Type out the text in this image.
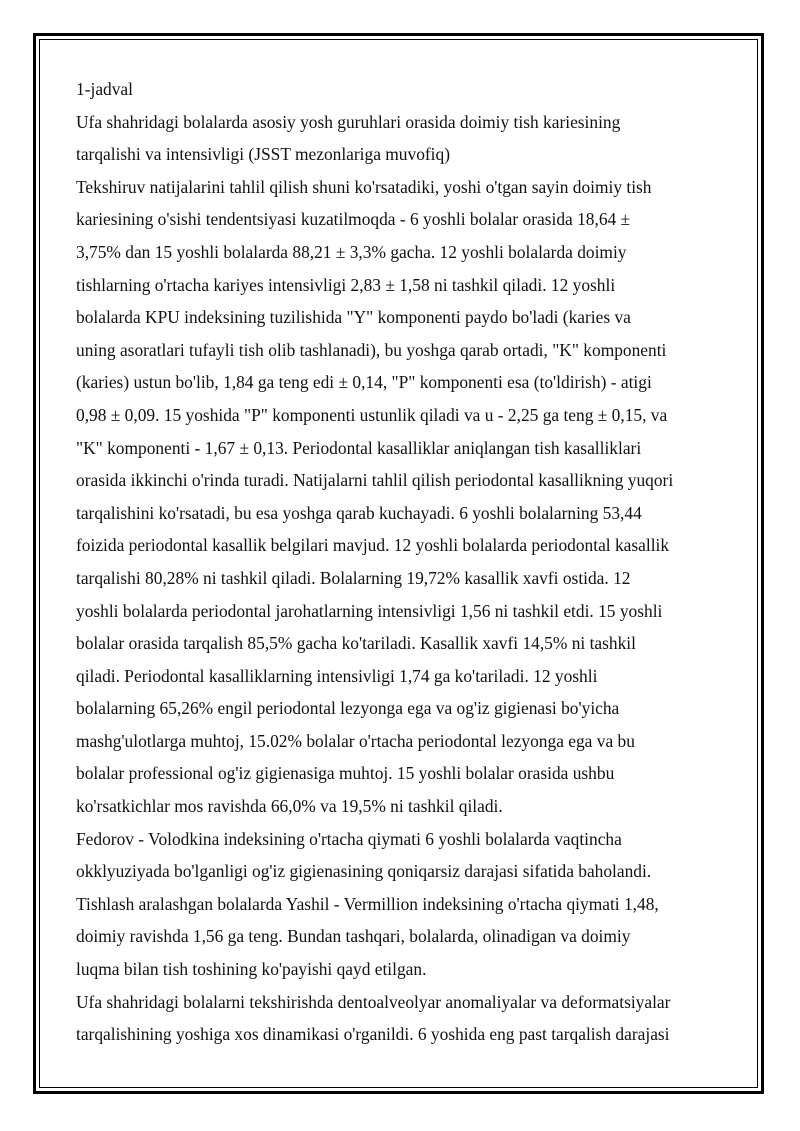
1-jadval
Ufa shahridagi bolalarda asosiy yosh guruhlari orasida doimiy tish kariesining
tarqalishi va intensivligi (JSST mezonlariga muvofiq)
Tekshiruv natijalarini tahlil qilish shuni ko'rsatadiki, yoshi o'tgan sayin doimiy tish
kariesining o'sishi tendentsiyasi kuzatilmoqda - 6 yoshli bolalar orasida 18,64 ±
3,75% dan 15 yoshli bolalarda 88,21 ± 3,3% gacha. 12 yoshli bolalarda doimiy
tishlarning o'rtacha kariyes intensivligi 2,83 ± 1,58 ni tashkil qiladi. 12 yoshli
bolalarda KPU indeksining tuzilishida "Y" komponenti paydo bo'ladi (karies va
uning asoratlari tufayli tish olib tashlanadi), bu yoshga qarab ortadi, "K" komponenti
(karies) ustun bo'lib, 1,84 ga teng edi ± 0,14, "P" komponenti esa (to'ldirish) - atigi
0,98 ± 0,09. 15 yoshida "P" komponenti ustunlik qiladi va u - 2,25 ga teng ± 0,15, va
"K" komponenti - 1,67 ± 0,13. Periodontal kasalliklar aniqlangan tish kasalliklari
orasida ikkinchi o'rinda turadi. Natijalarni tahlil qilish periodontal kasallikning yuqori
tarqalishini ko'rsatadi, bu esa yoshga qarab kuchayadi. 6 yoshli bolalarning 53,44
foizida periodontal kasallik belgilari mavjud. 12 yoshli bolalarda periodontal kasallik
tarqalishi 80,28% ni tashkil qiladi. Bolalarning 19,72% kasallik xavfi ostida. 12
yoshli bolalarda periodontal jarohatlarning intensivligi 1,56 ni tashkil etdi. 15 yoshli
bolalar orasida tarqalish 85,5% gacha ko'tariladi. Kasallik xavfi 14,5% ni tashkil
qiladi. Periodontal kasalliklarning intensivligi 1,74 ga ko'tariladi. 12 yoshli
bolalarning 65,26% engil periodontal lezyonga ega va og'iz gigienasi bo'yicha
mashg'ulotlarga muhtoj, 15.02% bolalar o'rtacha periodontal lezyonga ega va bu
bolalar professional og'iz gigienasiga muhtoj. 15 yoshli bolalar orasida ushbu
ko'rsatkichlar mos ravishda 66,0% va 19,5% ni tashkil qiladi.
Fedorov - Volodkina indeksining o'rtacha qiymati 6 yoshli bolalarda vaqtincha
okklyuziyada bo'lganligi og'iz gigienasining qoniqarsiz darajasi sifatida baholandi.
Tishlash aralashgan bolalarda Yashil - Vermillion indeksining o'rtacha qiymati 1,48,
doimiy ravishda 1,56 ga teng. Bundan tashqari, bolalarda, olinadigan va doimiy
luqma bilan tish toshining ko'payishi qayd etilgan.
Ufa shahridagi bolalarni tekshirishda dentoalveolyar anomaliyalar va deformatsiyalar
tarqalishining yoshiga xos dinamikasi o'rganildi. 6 yoshida eng past tarqalish darajasi
